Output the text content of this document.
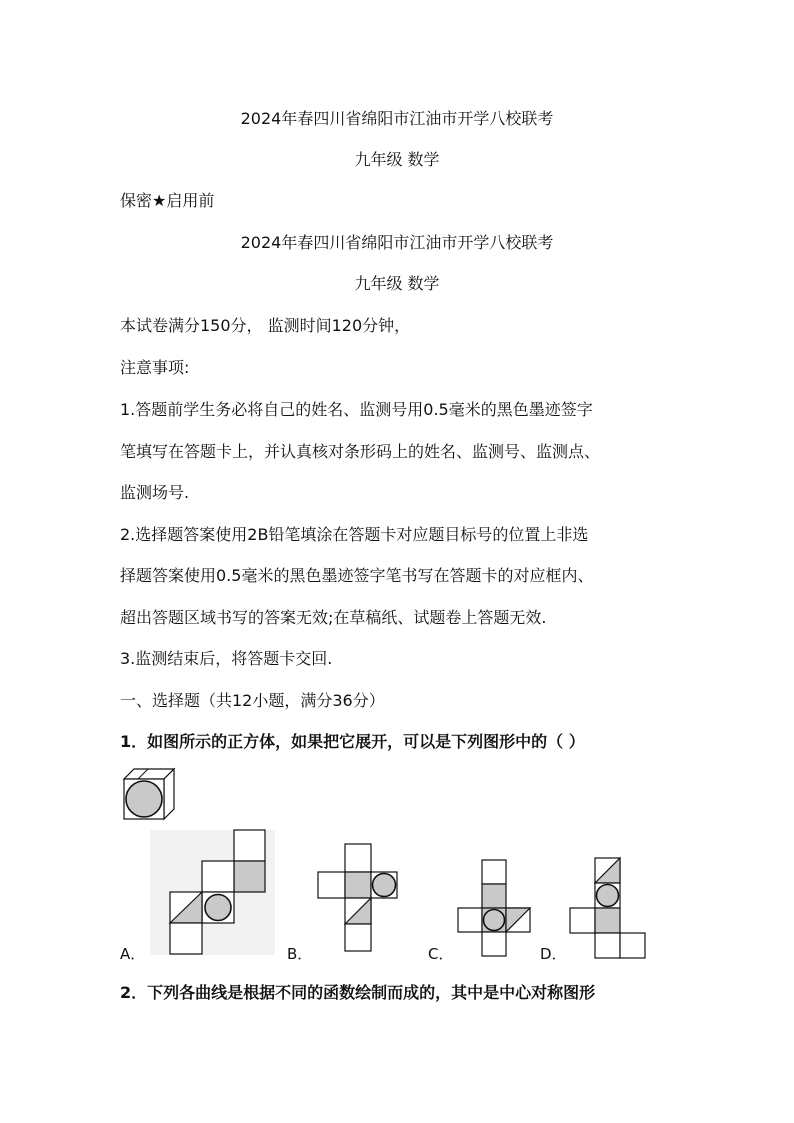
2024年春四川省绵阳市江油市开学八校联考
九年级 数学
保密★启用前
2024年春四川省绵阳市江油市开学八校联考
九年级 数学
本试卷满分150分， 监测时间120分钟，
注意事项:
1.答题前学生务必将自己的姓名、监测号用0.5毫米的黑色墨迹签字
笔填写在答题卡上，并认真核对条形码上的姓名、监测号、监测点、
监测场号.
2.选择题答案使用2B铅笔填涂在答题卡对应题目标号的位置上非选
择题答案使用0.5毫米的黑色墨迹签字笔书写在答题卡的对应框内、
超出答题区域书写的答案无效;在草稿纸、试题卷上答题无效.
3.监测结束后，将答题卡交回.
一、选择题（共12小题，满分36分）
1．如图所示的正方体，如果把它展开，可以是下列图形中的（ ）
A．	B．	C．	D．
2．下列各曲线是根据不同的函数绘制而成的，其中是中心对称图形
